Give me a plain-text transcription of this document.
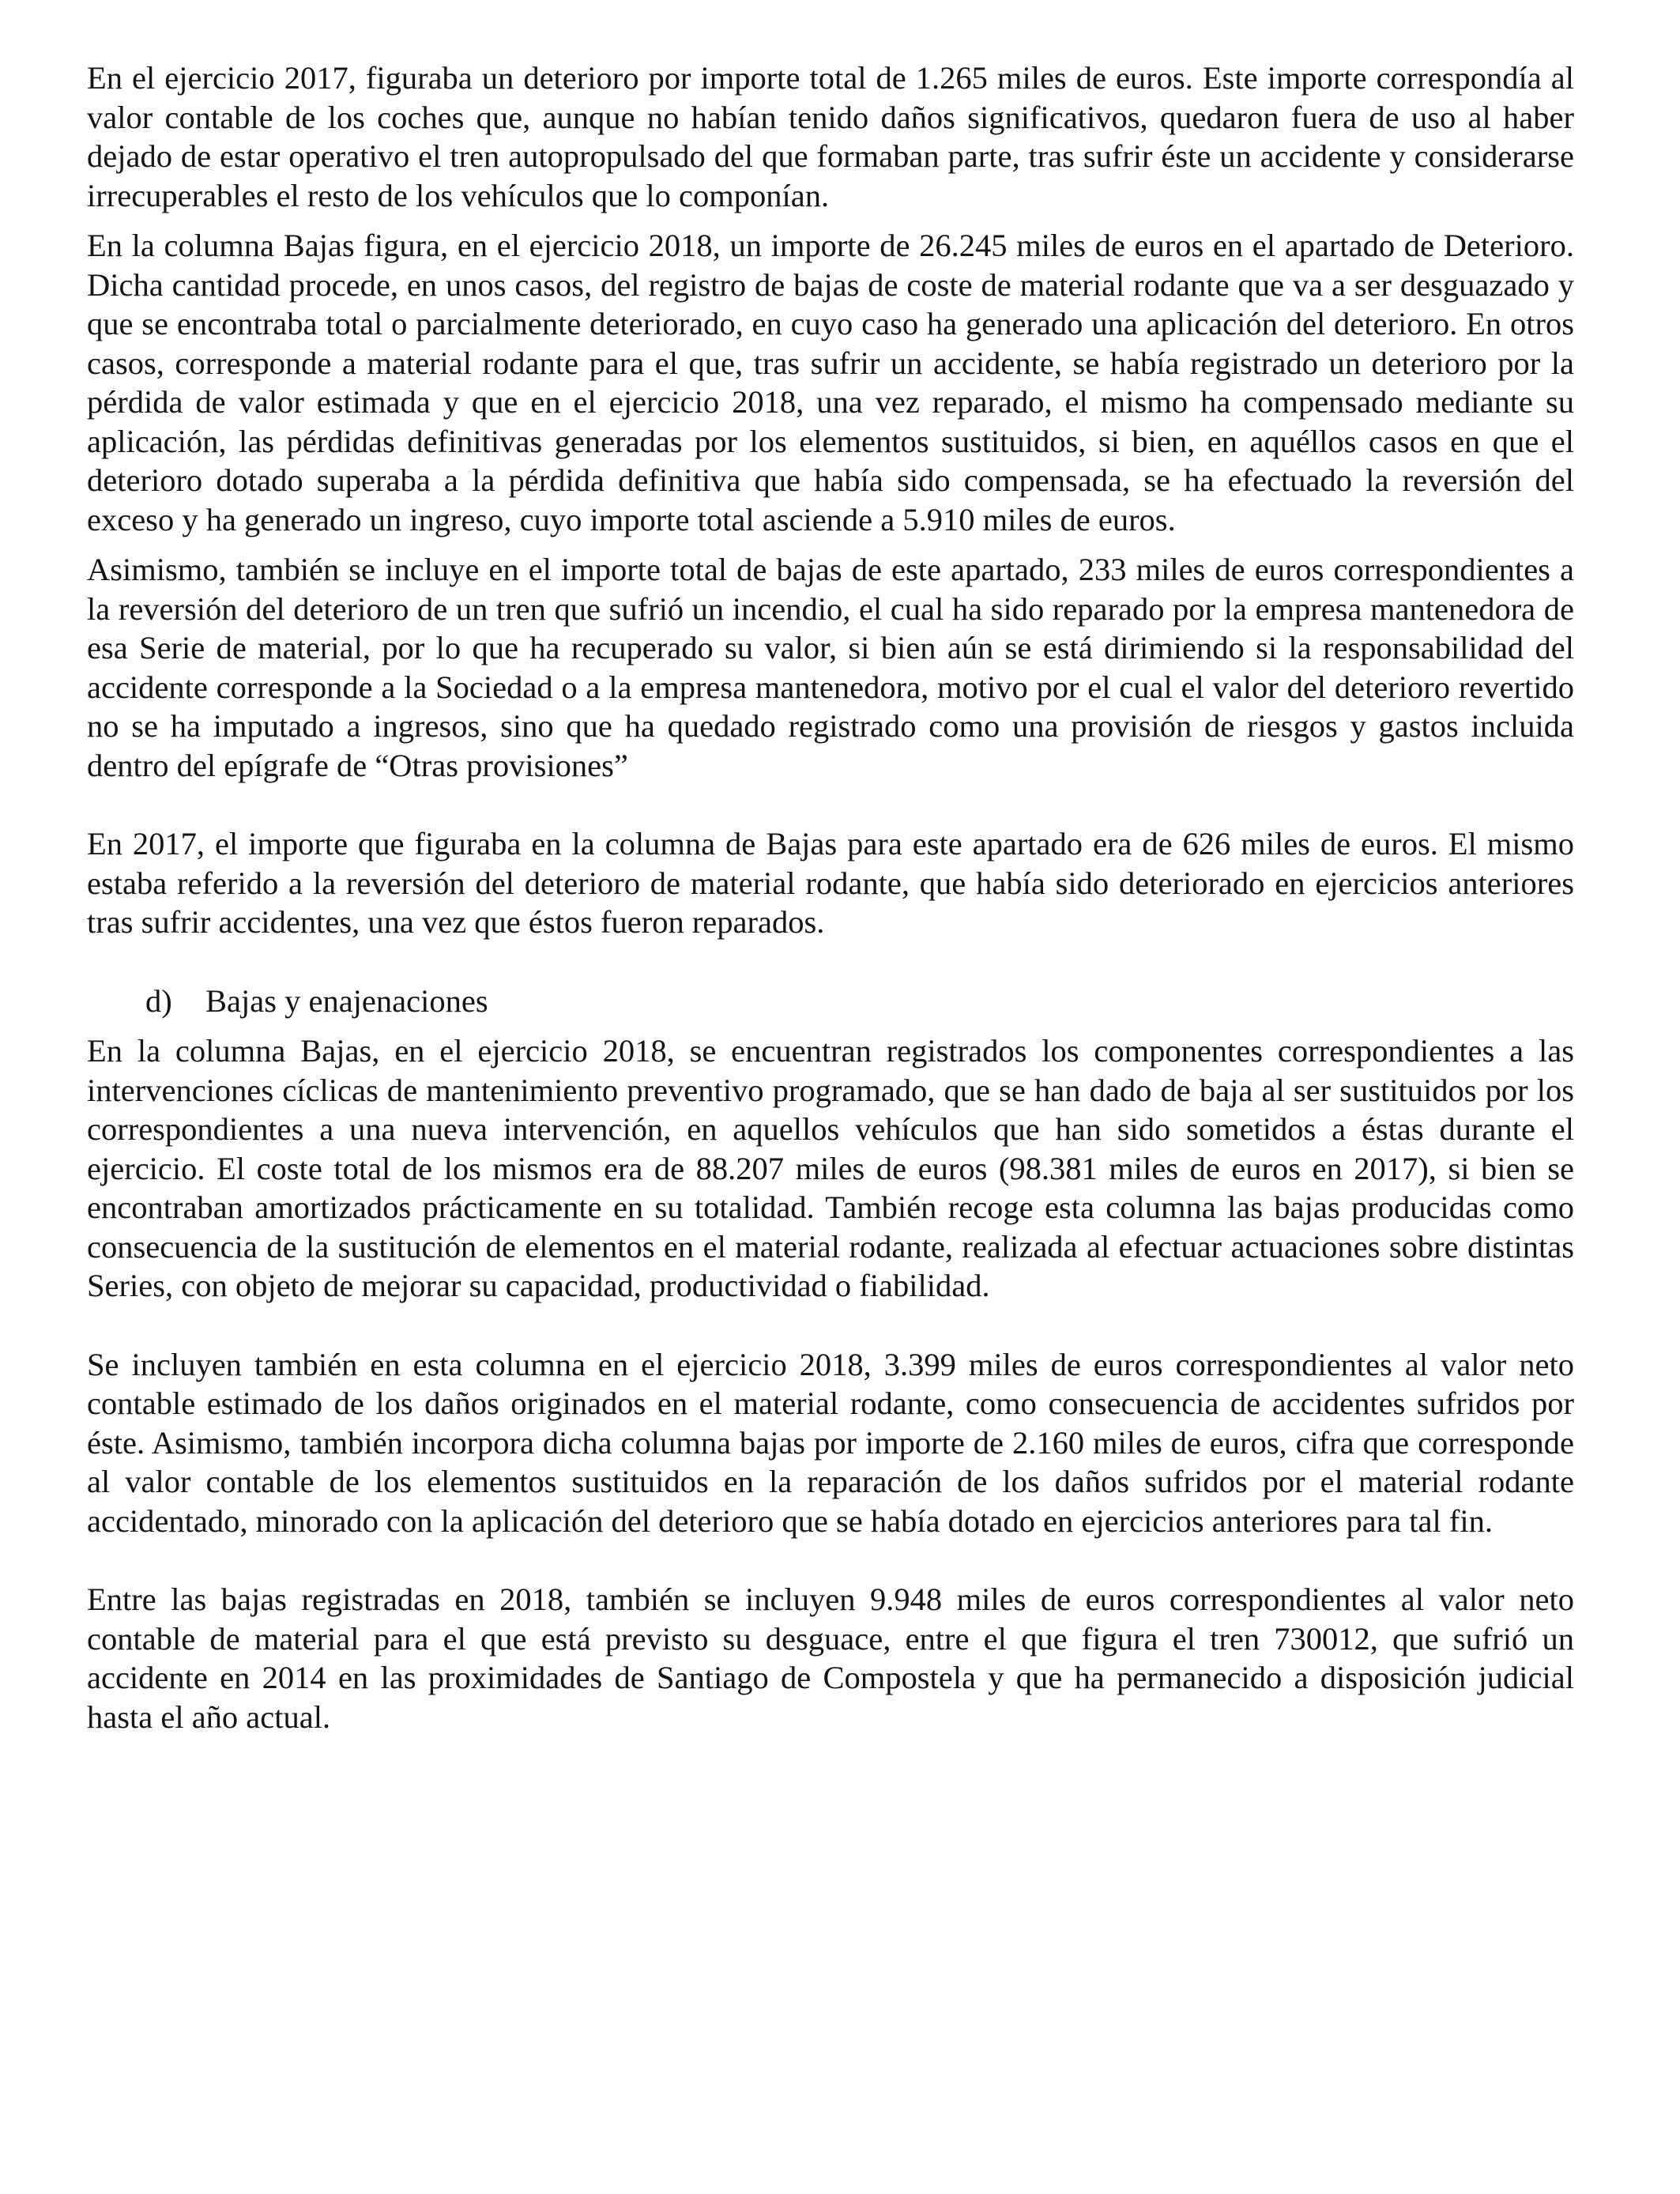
En el ejercicio 2017, figuraba un deterioro por importe total de 1.265 miles de euros. Este importe correspondía al valor contable de los coches que, aunque no habían tenido daños significativos, quedaron fuera de uso al haber dejado de estar operativo el tren autopropulsado del que formaban parte, tras sufrir éste un accidente y considerarse irrecuperables el resto de los vehículos que lo componían.

En la columna Bajas figura, en el ejercicio 2018, un importe de 26.245 miles de euros en el apartado de Deterioro. Dicha cantidad procede, en unos casos, del registro de bajas de coste de material rodante que va a ser desguazado y que se encontraba total o parcialmente deteriorado, en cuyo caso ha generado una aplicación del deterioro. En otros casos, corresponde a material rodante para el que, tras sufrir un accidente, se había registrado un deterioro por la pérdida de valor estimada y que en el ejercicio 2018, una vez reparado, el mismo ha compensado mediante su aplicación, las pérdidas definitivas generadas por los elementos sustituidos, si bien, en aquéllos casos en que el deterioro dotado superaba a la pérdida definitiva que había sido compensada, se ha efectuado la reversión del exceso y ha generado un ingreso, cuyo importe total asciende a 5.910 miles de euros.

Asimismo, también se incluye en el importe total de bajas de este apartado, 233 miles de euros correspondientes a la reversión del deterioro de un tren que sufrió un incendio, el cual ha sido reparado por la empresa mantenedora de esa Serie de material, por lo que ha recuperado su valor, si bien aún se está dirimiendo si la responsabilidad del accidente corresponde a la Sociedad o a la empresa mantenedora, motivo por el cual el valor del deterioro revertido no se ha imputado a ingresos, sino que ha quedado registrado como una provisión de riesgos y gastos incluida dentro del epígrafe de “Otras provisiones”

En 2017, el importe que figuraba en la columna de Bajas para este apartado era de 626 miles de euros. El mismo estaba referido a la reversión del deterioro de material rodante, que había sido deteriorado en ejercicios anteriores tras sufrir accidentes, una vez que éstos fueron reparados.

d)	Bajas y enajenaciones

En la columna Bajas, en el ejercicio 2018, se encuentran registrados los componentes correspondientes a las intervenciones cíclicas de mantenimiento preventivo programado, que se han dado de baja al ser sustituidos por los correspondientes a una nueva intervención, en aquellos vehículos que han sido sometidos a éstas durante el ejercicio. El coste total de los mismos era de 88.207 miles de euros (98.381 miles de euros en 2017), si bien se encontraban amortizados prácticamente en su totalidad. También recoge esta columna las bajas producidas como consecuencia de la sustitución de elementos en el material rodante, realizada al efectuar actuaciones sobre distintas Series, con objeto de mejorar su capacidad, productividad o fiabilidad.

Se incluyen también en esta columna en el ejercicio 2018, 3.399 miles de euros correspondientes al valor neto contable estimado de los daños originados en el material rodante, como consecuencia de accidentes sufridos por éste. Asimismo, también incorpora dicha columna bajas por importe de 2.160 miles de euros, cifra que corresponde al valor contable de los elementos sustituidos en la reparación de los daños sufridos por el material rodante accidentado, minorado con la aplicación del deterioro que se había dotado en ejercicios anteriores para tal fin.

Entre las bajas registradas en 2018, también se incluyen 9.948 miles de euros correspondientes al valor neto contable de material para el que está previsto su desguace, entre el que figura el tren 730012, que sufrió un accidente en 2014 en las proximidades de Santiago de Compostela y que ha permanecido a disposición judicial hasta el año actual.
